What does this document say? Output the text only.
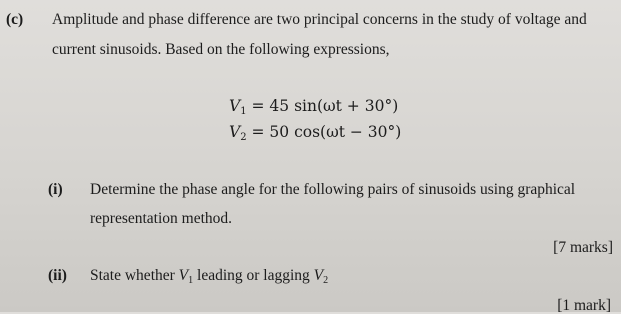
(c) Amplitude and phase difference are two principal concerns in the study of voltage and
current sinusoids. Based on the following expressions,
$V_1 = 45$ sin(ωt + 30°)
$V_2 = 50$ cos(ωt − 30°)
(i) Determine the phase angle for the following pairs of sinusoids using graphical
representation method.
[7 marks]
(ii) State whether $V_1$ leading or lagging $V_2$
[1 mark]
